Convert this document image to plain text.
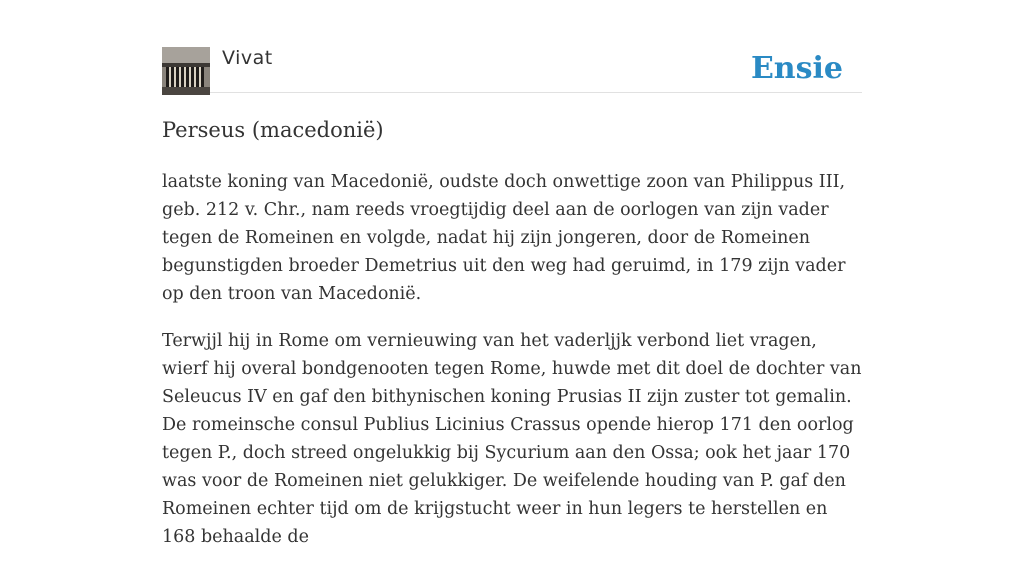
Vivat	Ensie
Perseus (macedonië)

laatste koning van Macedonië, oudste doch onwettige zoon van Philippus III, geb. 212 v. Chr., nam reeds vroegtijdig deel aan de oorlogen van zijn vader tegen de Romeinen en volgde, nadat hij zijn jongeren, door de Romeinen begunstigden broeder Demetrius uit den weg had geruimd, in 179 zijn vader op den troon van Macedonië.

Terwjjl hij in Rome om vernieuwing van het vaderljjk verbond liet vragen, wierf hij overal bondgenooten tegen Rome, huwde met dit doel de dochter van Seleucus IV en gaf den bithynischen koning Prusias II zijn zuster tot gemalin. De romeinsche consul Publius Licinius Crassus opende hierop 171 den oorlog tegen P., doch streed ongelukkig bij Sycurium aan den Ossa; ook het jaar 170 was voor de Romeinen niet gelukkiger. De weifelende houding van P. gaf den Romeinen echter tijd om de krijgstucht weer in hun legers te herstellen en 168 behaalde de
